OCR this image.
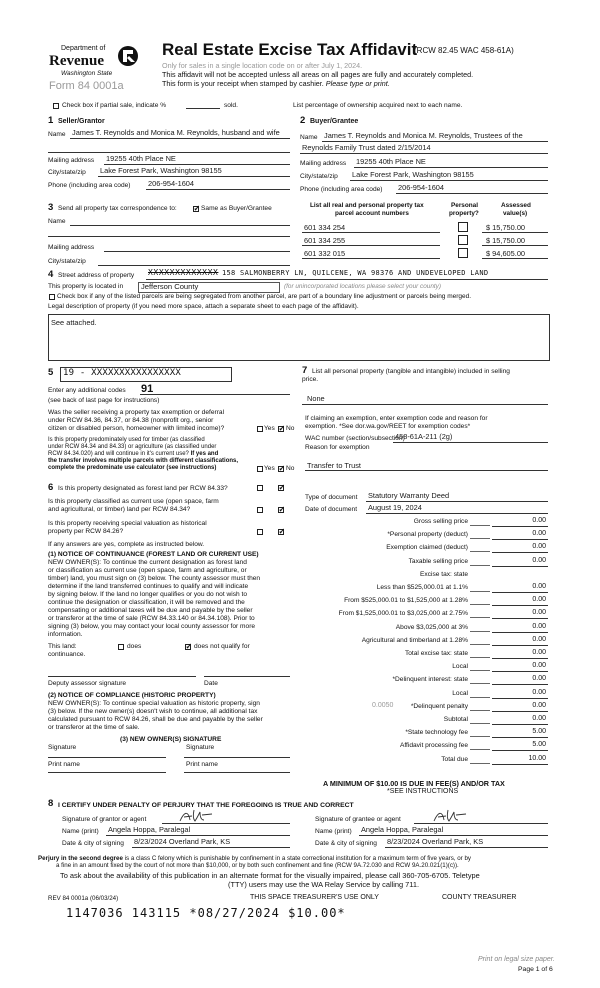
Department of
Revenue
Washington State
Form 84 0001a
Real Estate Excise Tax Affidavit
(RCW 82.45 WAC 458-61A)
Only for sales in a single location code on or after July 1, 2024.
This affidavit will not be accepted unless all areas on all pages are fully and accurately completed.
This form is your receipt when stamped by cashier. Please type or print.
Check box if partial sale, indicate %	sold.	List percentage of ownership acquired next to each name.
1 Seller/Grantor
Name James T. Reynolds and Monica M. Reynolds, husband and wife
Mailing address 19255 40th Place NE
City/state/zip Lake Forest Park, Washington 98155
Phone (including area code) 206-954-1604
2 Buyer/Grantee
Name James T. Reynolds and Monica M. Reynolds, Trustees of the
Reynolds Family Trust dated 2/15/2014
Mailing address 19255 40th Place NE
City/state/zip Lake Forest Park, Washington 98155
Phone (including area code) 206-954-1604
3 Send all property tax correspondence to: ✓	Same as Buyer/Grantee
Name
Mailing address
City/state/zip
List all real and personal property tax
parcel account numbers
Personal
property?
Assessed
value(s)
601 334 254	$ 15,750.00
601 334 255	$ 15,750.00
601 332 015	$ 94,605.00
4 Street address of property XXXXXXXXXXXXX 158 SALMONBERRY LN, QUILCENE, WA 98376 AND UNDEVELOPED LAND
This property is located in Jefferson County	(for unincorporated locations please select your county)
Check box if any of the listed parcels are being segregated from another parcel, are part of a boundary line adjustment or parcels being merged.
Legal description of property (if you need more space, attach a separate sheet to each page of the affidavit).
See attached.
5 19 - XXXXXXXXXXXXXXXX
Enter any additional codes 91
(see back of last page for instructions)
Was the seller receiving a property tax exemption or deferral
under RCW 84.36, 84.37, or 84.38 (nonprofit org., senior
citizen or disabled person, homeowner with limited income)?	Yes ✓ No
Is this property predominately used for timber (as classified
under RCW 84.34 and 84.33) or agriculture (as classified under
RCW 84.34.020) and will continue in it's current use? If yes and
the transfer involves multiple parcels with different classifications,
complete the predominate use calculator (see instructions)	Yes ✓ No
6 Is this property designated as forest land per RCW 84.33?
✓
Is this property classified as current use (open space, farm
and agricultural, or timber) land per RCW 84.34?
✓
Is this property receiving special valuation as historical
property per RCW 84.26?
✓
If any answers are yes, complete as instructed below.
(1) NOTICE OF CONTINUANCE (FOREST LAND OR CURRENT USE)
NEW OWNER(S): To continue the current designation as forest land
or classification as current use (open space, farm and agriculture, or
timber) land, you must sign on (3) below. The county assessor must then
determine if the land transferred continues to qualify and will indicate
by signing below. If the land no longer qualifies or you do not wish to
continue the designation or classification, it will be removed and the
compensating or additional taxes will be due and payable by the seller
or transferor at the time of sale (RCW 84.33.140 or 84.34.108). Prior to
signing (3) below, you may contact your local county assessor for more
information.
This land:	does ✓	does not qualify for
continuance.
Deputy assessor signature	Date
(2) NOTICE OF COMPLIANCE (HISTORIC PROPERTY)
NEW OWNER(S): To continue special valuation as historic property, sign
(3) below. If the new owner(s) doesn't wish to continue, all additional tax
calculated pursuant to RCW 84.26, shall be due and payable by the seller
or transferor at the time of sale.
(3) NEW OWNER(S) SIGNATURE
Signature	Signature
Print name	Print name
7 List all personal property (tangible and intangible) included in selling
price.
None
If claiming an exemption, enter exemption code and reason for
exemption. *See dor.wa.gov/REET for exemption codes*
WAC number (section/subsection)
458-61A-211 (2g)
Reason for exemption
Transfer to Trust
Type of document Statutory Warranty Deed
Date of document August 19, 2024
Gross selling price	0.00
*Personal property (deduct)	0.00
Exemption claimed (deduct)	0.00
Taxable selling price	0.00
Excise tax: state
Less than $525,000.01 at 1.1%	0.00
From $525,000.01 to $1,525,000 at 1.28%	0.00
From $1,525,000.01 to $3,025,000 at 2.75%	0.00
Above $3,025,000 at 3%	0.00
Agricultural and timberland at 1.28%	0.00
Total excise tax: state	0.00
Local	0.00
*Delinquent interest: state	0.00
Local	0.00
*Delinquent penalty	0.00
Subtotal	0.00
*State technology fee	5.00
Affidavit processing fee	5.00
Total due	10.00
0.0050
A MINIMUM OF $10.00 IS DUE IN FEE(S) AND/OR TAX
*SEE INSTRUCTIONS
8 I CERTIFY UNDER PENALTY OF PERJURY THAT THE FOREGOING IS TRUE AND CORRECT
Signature of grantor or agent
Name (print) Angela Hoppa, Paralegal
Date & city of signing 8/23/2024 Overland Park, KS
Signature of grantee or agent
Name (print) Angela Hoppa, Paralegal
Date & city of signing 8/23/2024 Overland Park, KS
Perjury in the second degree is a class C felony which is punishable by confinement in a state correctional institution for a maximum term of five years, or by
a fine in an amount fixed by the court of not more than $10,000, or by both such confinement and fine (RCW 9A.72.030 and RCW 9A.20.021(1)(c)).
To ask about the availability of this publication in an alternate format for the visually impaired, please call 360-705-6705. Teletype
(TTY) users may use the WA Relay Service by calling 711.
REV 84 0001a (06/03/24)	THIS SPACE TREASURER'S USE ONLY	COUNTY TREASURER
1147036 143115 *08/27/2024 $10.00*
Print on legal size paper.
Page 1 of 6
